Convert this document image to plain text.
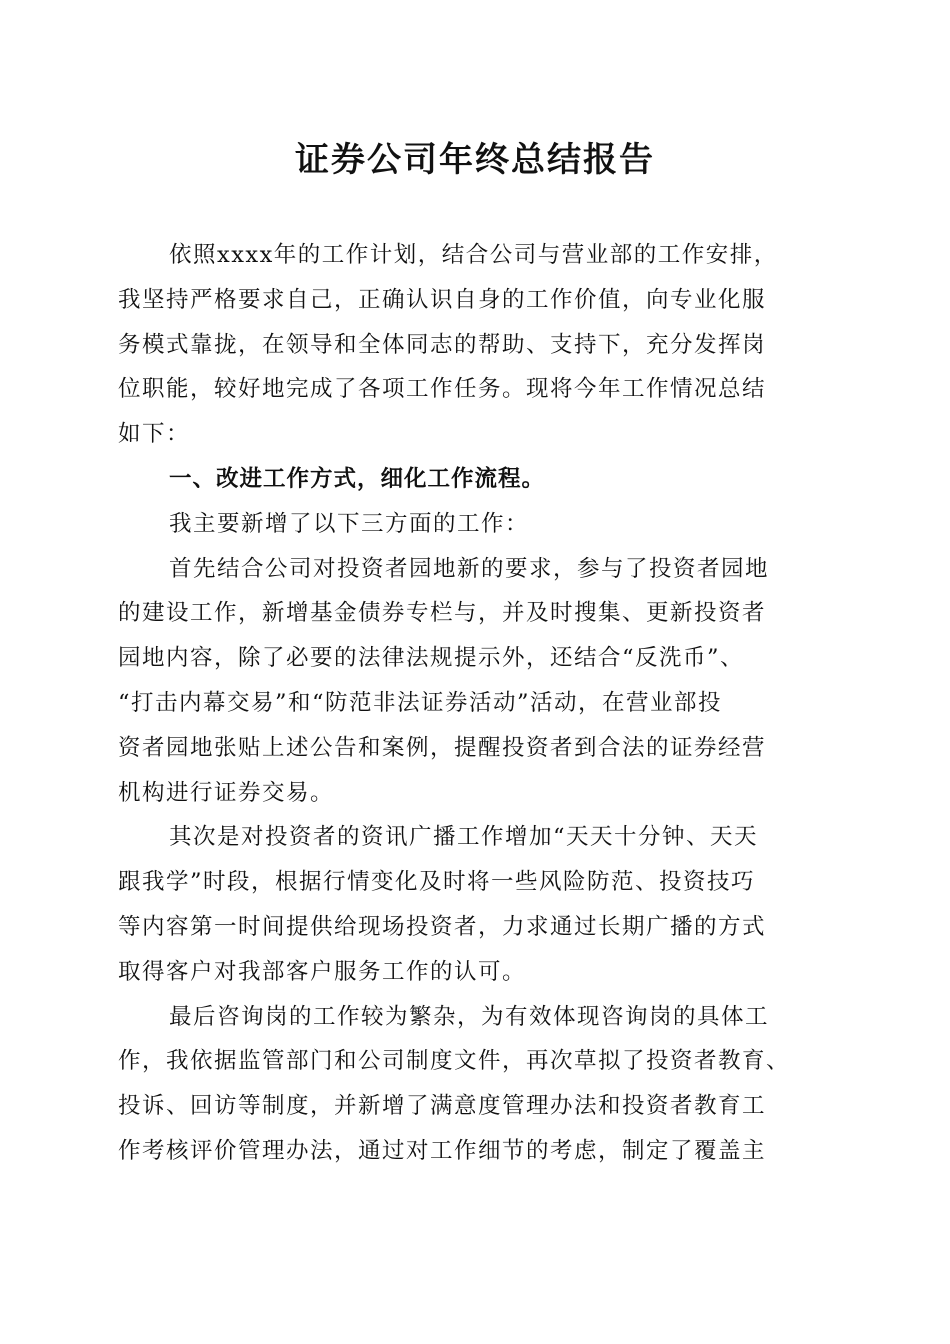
证券公司年终总结报告
依照xxxx年的工作计划，结合公司与营业部的工作安排，
我坚持严格要求自己，正确认识自身的工作价值，向专业化服
务模式靠拢，在领导和全体同志的帮助、支持下，充分发挥岗
位职能，较好地完成了各项工作任务。现将今年工作情况总结
如下：
一、改进工作方式，细化工作流程。
我主要新增了以下三方面的工作：
首先结合公司对投资者园地新的要求，参与了投资者园地
的建设工作，新增基金债券专栏与，并及时搜集、更新投资者
园地内容，除了必要的法律法规提示外，还结合“反洗币”、
“打击内幕交易”和“防范非法证券活动”活动，在营业部投
资者园地张贴上述公告和案例，提醒投资者到合法的证券经营
机构进行证券交易。
其次是对投资者的资讯广播工作增加“天天十分钟、天天
跟我学”时段，根据行情变化及时将一些风险防范、投资技巧
等内容第一时间提供给现场投资者，力求通过长期广播的方式
取得客户对我部客户服务工作的认可。
最后咨询岗的工作较为繁杂，为有效体现咨询岗的具体工
作，我依据监管部门和公司制度文件，再次草拟了投资者教育、
投诉、回访等制度，并新增了满意度管理办法和投资者教育工
作考核评价管理办法，通过对工作细节的考虑，制定了覆盖主
